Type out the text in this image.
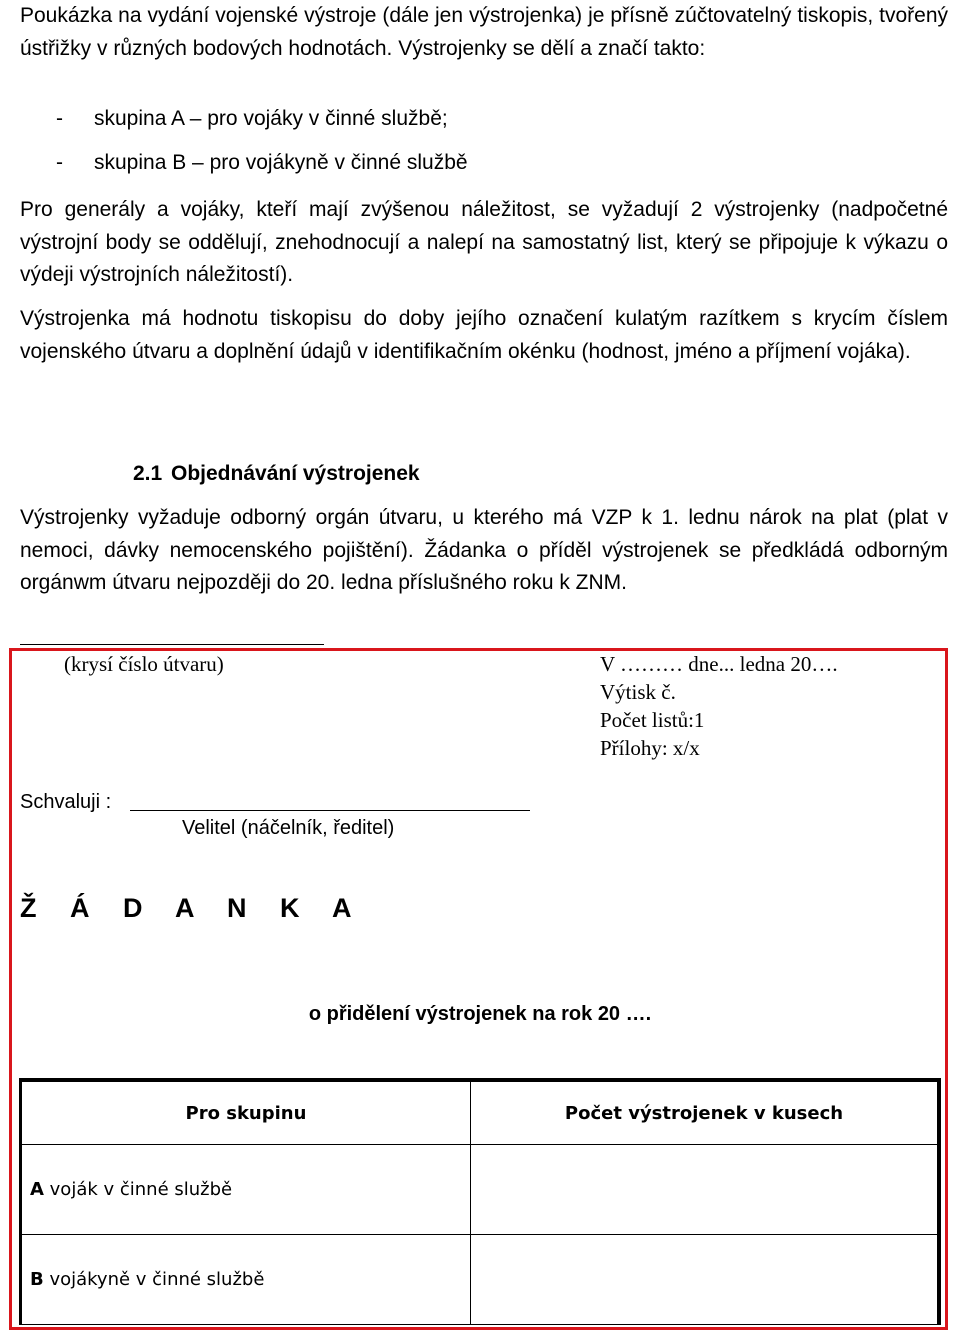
Poukázka na vydání vojenské výstroje (dále jen výstrojenka) je přísně zúčtovatelný tiskopis, tvořený ústřižky v různých bodových hodnotách. Výstrojenky se dělí a značí takto:

- skupina A – pro vojáky v činné službě;
- skupina B – pro vojákyně v činné službě

Pro generály a vojáky, kteří mají zvýšenou náležitost, se vyžadují 2 výstrojenky (nadpočetné výstrojní body se oddělují, znehodnocují a nalepí na samostatný list, který se připojuje k výkazu o výdeji výstrojních náležitostí).

Výstrojenka má hodnotu tiskopisu do doby jejího označení kulatým razítkem s krycím číslem vojenského útvaru a doplnění údajů v identifikačním okénku (hodnost, jméno a příjmení vojáka).

2.1 Objednávání výstrojenek

Výstrojenky vyžaduje odborný orgán útvaru, u kterého má VZP k 1. lednu nárok na plat (plat v nemoci, dávky nemocenského pojištění). Žádanka o příděl výstrojenek se předkládá odborným orgánwm útvaru nejpozději do 20. ledna příslušného roku k ZNM.

(krysí číslo útvaru)	V ……… dne... ledna 20….
Výtisk č.
Počet listů:1
Přílohy: x/x
Schvaluji :
Velitel (náčelník, ředitel)
Ž Á D A N K A
o přidělení výstrojenek na rok 20 ….
Pro skupinu	Počet výstrojenek v kusech
A voják v činné službě	
B vojákyně v činné službě	
